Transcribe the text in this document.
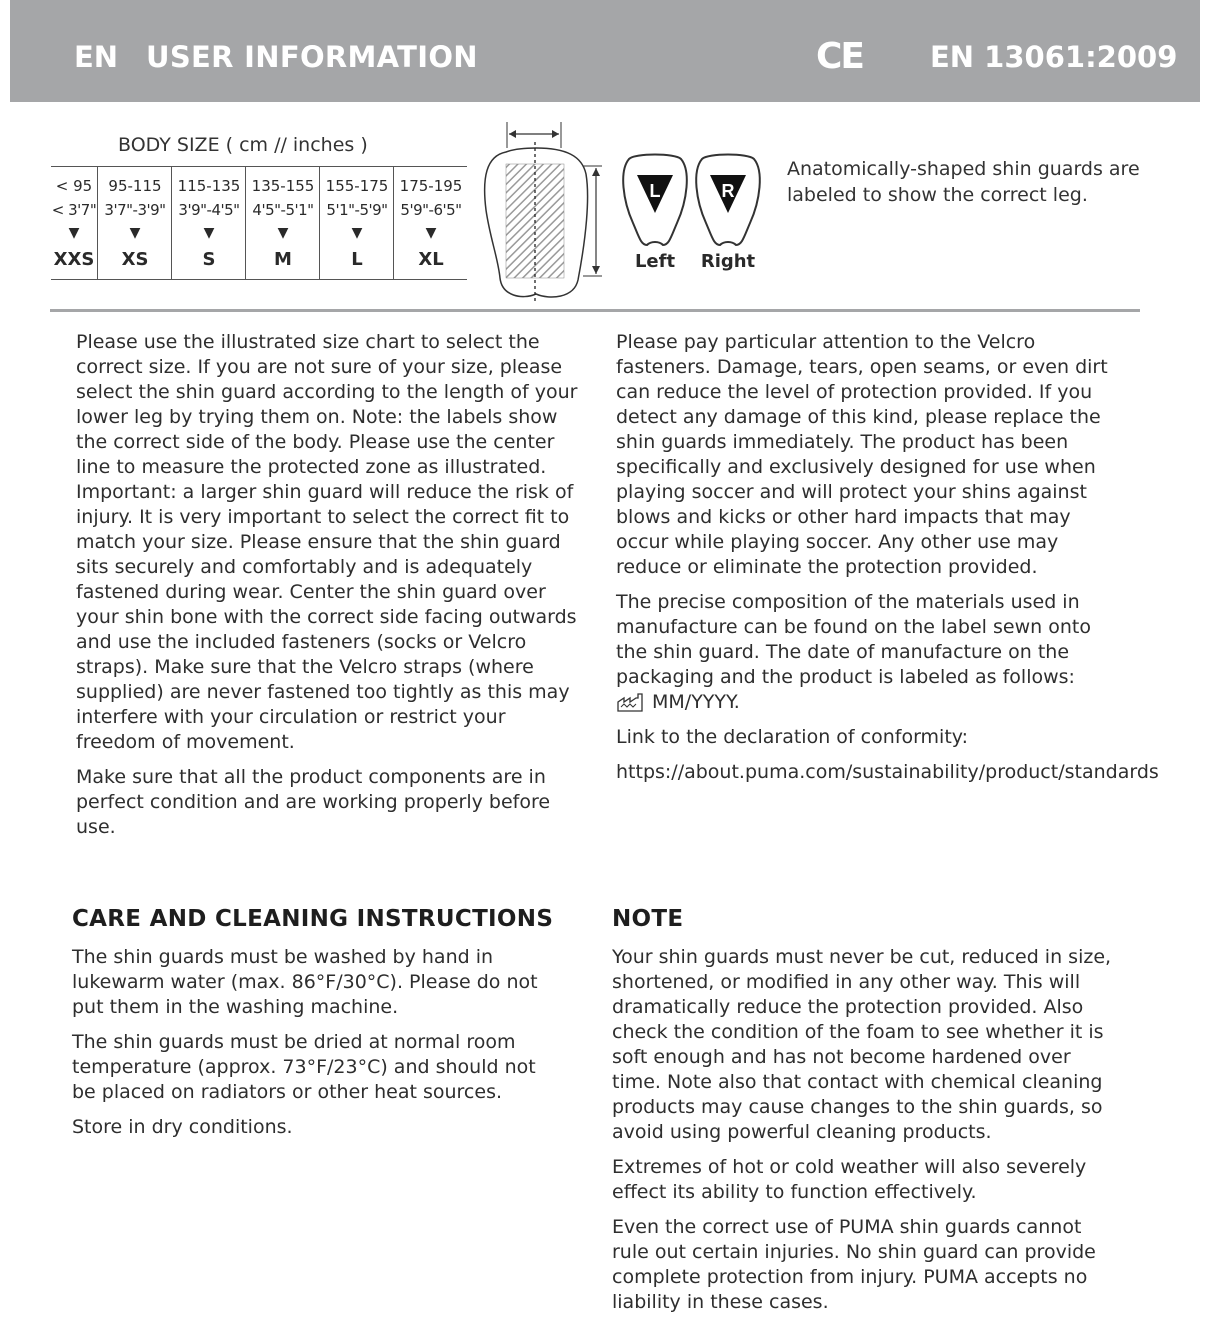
EN USER INFORMATION	CE EN 13061:2009
BODY SIZE ( cm // inches )
< 95
< 3'7"
▼
XXS
95-115
3'7"-3'9"
▼
XS
115-135
3'9"-4'5"
▼
S
135-155
4'5"-5'1"
▼
M
155-175
5'1"-5'9"
▼
L
175-195
5'9"-6'5"
▼
XL
L
Left
R
Right
Anatomically-shaped shin guards are labeled to show the correct leg.

Please use the illustrated size chart to select the correct size. If you are not sure of your size, please select the shin guard according to the length of your lower leg by trying them on. Note: the labels show the correct side of the body. Please use the center line to measure the protected zone as illustrated. Important: a larger shin guard will reduce the risk of injury. It is very important to select the correct fit to match your size. Please ensure that the shin guard sits securely and comfortably and is adequately fastened during wear. Center the shin guard over your shin bone with the correct side facing outwards and use the included fasteners (socks or Velcro straps). Make sure that the Velcro straps (where supplied) are never fastened too tightly as this may interfere with your circulation or restrict your freedom of movement.

Make sure that all the product components are in perfect condition and are working properly before use.

Please pay particular attention to the Velcro fasteners. Damage, tears, open seams, or even dirt can reduce the level of protection provided. If you detect any damage of this kind, please replace the shin guards immediately. The product has been specifically and exclusively designed for use when playing soccer and will protect your shins against blows and kicks or other hard impacts that may occur while playing soccer. Any other use may reduce or eliminate the protection provided.

The precise composition of the materials used in manufacture can be found on the label sewn onto the shin guard. The date of manufacture on the packaging and the product is labeled as follows:
MM/YYYY.

Link to the declaration of conformity:

https://about.puma.com/sustainability/product/standards

CARE AND CLEANING INSTRUCTIONS

The shin guards must be washed by hand in lukewarm water (max. 86°F/30°C). Please do not put them in the washing machine.

The shin guards must be dried at normal room temperature (approx. 73°F/23°C) and should not be placed on radiators or other heat sources.

Store in dry conditions.

NOTE

Your shin guards must never be cut, reduced in size, shortened, or modified in any other way. This will dramatically reduce the protection provided. Also check the condition of the foam to see whether it is soft enough and has not become hardened over time. Note also that contact with chemical cleaning products may cause changes to the shin guards, so avoid using powerful cleaning products.

Extremes of hot or cold weather will also severely effect its ability to function effectively.

Even the correct use of PUMA shin guards cannot rule out certain injuries. No shin guard can provide complete protection from injury. PUMA accepts no liability in these cases.
